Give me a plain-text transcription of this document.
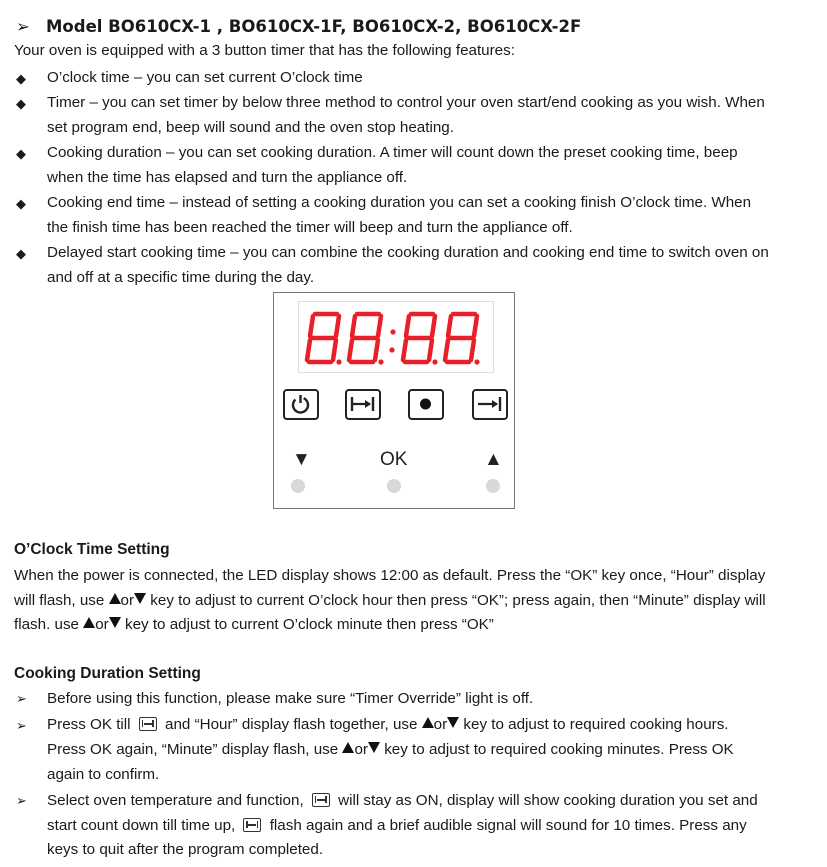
➢ Model BO610CX-1 , BO610CX-1F, BO610CX-2, BO610CX-2F
Your oven is equipped with a 3 button timer that has the following features:
◆ O’clock time – you can set current O’clock time
◆ Timer – you can set timer by below three method to control your oven start/end cooking as you wish. When
set program end, beep will sound and the oven stop heating.
◆ Cooking duration – you can set cooking duration. A timer will count down the preset cooking time, beep
when the time has elapsed and turn the appliance off.
◆ Cooking end time – instead of setting a cooking duration you can set a cooking finish O’clock time. When
the finish time has been reached the timer will beep and turn the appliance off.
◆ Delayed start cooking time – you can combine the cooking duration and cooking end time to switch oven on
and off at a specific time during the day.
▼	OK	▲
O’Clock Time Setting
When the power is connected, the LED display shows 12:00 as default. Press the “OK” key once, “Hour” display
will flash, use or key to adjust to current O’clock hour then press “OK”; press again, then “Minute” display will
flash. use or key to adjust to current O’clock minute then press “OK”
Cooking Duration Setting
➢ Before using this function, please make sure “Timer Override” light is off.
➢ Press OK till
and “Hour” display flash together, use or key to adjust to required cooking hours.
Press OK again, “Minute” display flash, use or key to adjust to required cooking minutes. Press OK
again to confirm.
➢ Select oven temperature and function,
will stay as ON, display will show cooking duration you set and
start count down till time up,
flash again and a brief audible signal will sound for 10 times. Press any
keys to quit after the program completed.
